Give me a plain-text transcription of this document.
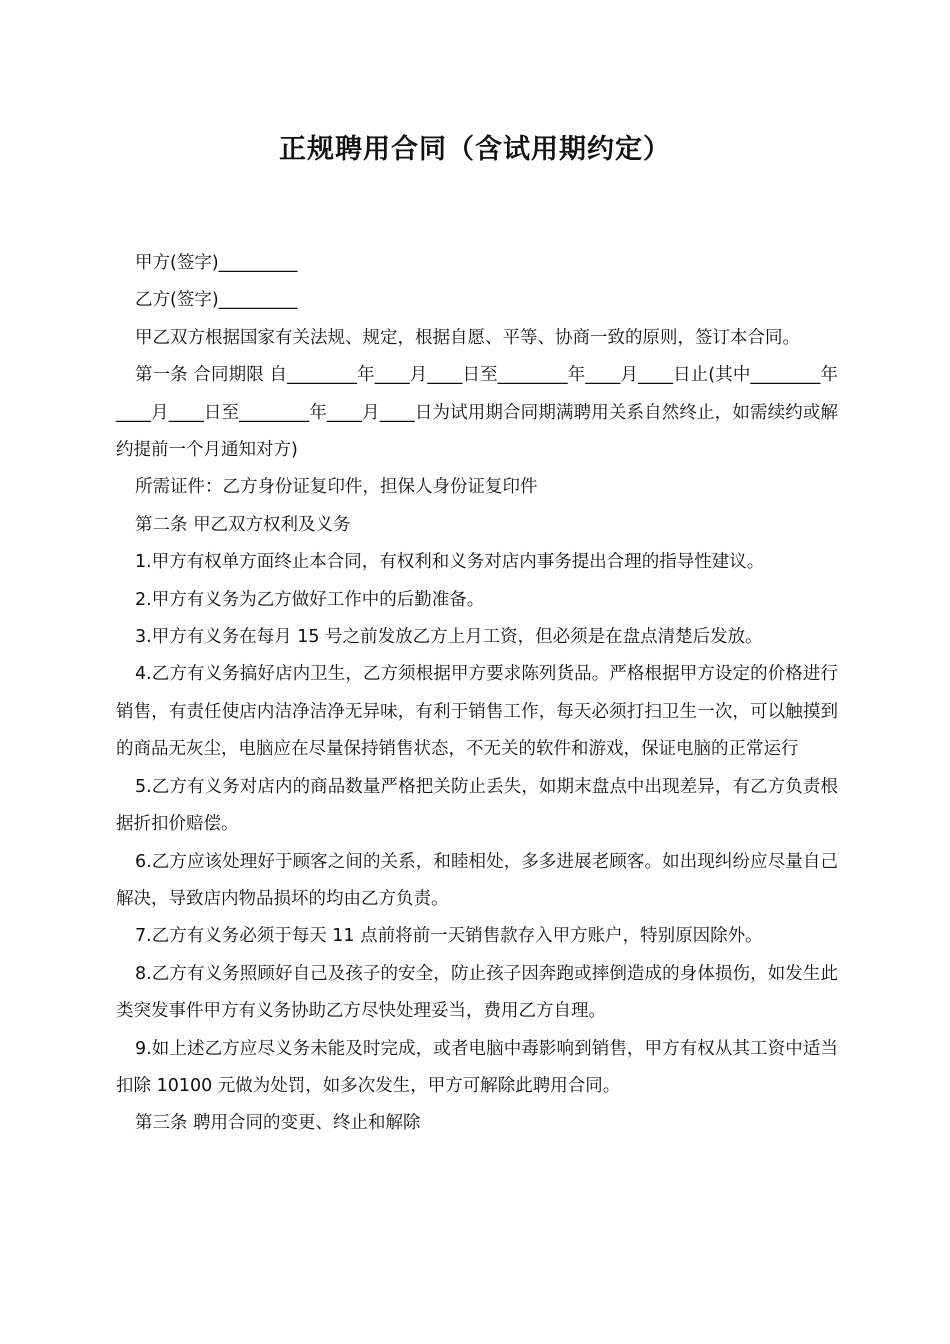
正规聘用合同（含试用期约定）

甲方(签字)_________

乙方(签字)_________

甲乙双方根据国家有关法规、规定，根据自愿、平等、协商一致的原则，签订本合同。

第一条 合同期限 自________年____月____日至________年____月____日止(其中________年____月____日至________年____月____日为试用期合同期满聘用关系自然终止，如需续约或解约提前一个月通知对方)

所需证件：乙方身份证复印件，担保人身份证复印件

第二条 甲乙双方权利及义务

1.甲方有权单方面终止本合同，有权利和义务对店内事务提出合理的指导性建议。

2.甲方有义务为乙方做好工作中的后勤准备。

3.甲方有义务在每月 15 号之前发放乙方上月工资，但必须是在盘点清楚后发放。

4.乙方有义务搞好店内卫生，乙方须根据甲方要求陈列货品。严格根据甲方设定的价格进行销售，有责任使店内洁净洁净无异味，有利于销售工作，每天必须打扫卫生一次，可以触摸到的商品无灰尘，电脑应在尽量保持销售状态，不无关的软件和游戏，保证电脑的正常运行

5.乙方有义务对店内的商品数量严格把关防止丢失，如期末盘点中出现差异，有乙方负责根据折扣价赔偿。

6.乙方应该处理好于顾客之间的关系，和睦相处，多多进展老顾客。如出现纠纷应尽量自己解决，导致店内物品损坏的均由乙方负责。

7.乙方有义务必须于每天 11 点前将前一天销售款存入甲方账户，特别原因除外。

8.乙方有义务照顾好自己及孩子的安全，防止孩子因奔跑或摔倒造成的身体损伤，如发生此类突发事件甲方有义务协助乙方尽快处理妥当，费用乙方自理。

9.如上述乙方应尽义务未能及时完成，或者电脑中毒影响到销售，甲方有权从其工资中适当扣除 10100 元做为处罚，如多次发生，甲方可解除此聘用合同。

第三条 聘用合同的变更、终止和解除
